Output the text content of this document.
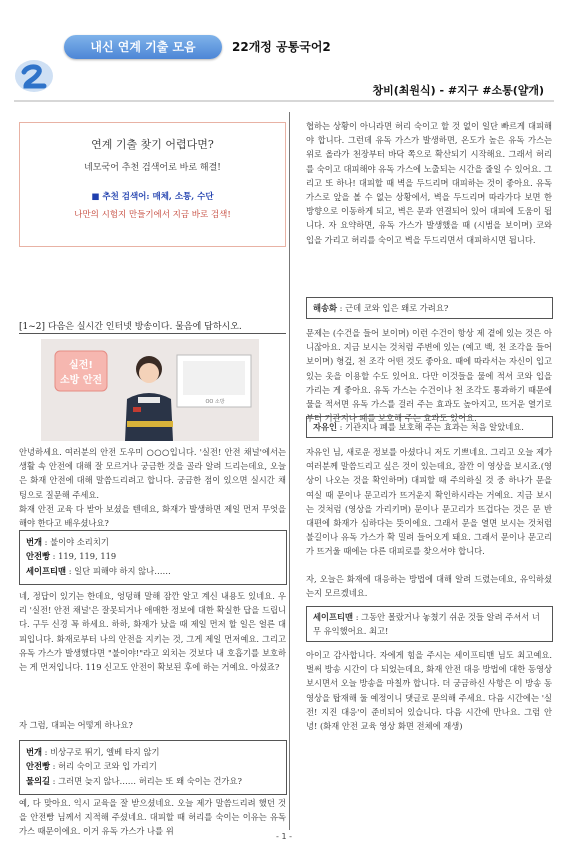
내신 연계 기출 모음	22개정 공통국어2
창비(최원식) - #지구 #소통(얄개)
연계 기출 찾기 어렵다면?
네모국어 추천 검색어로 바로 해결!
■ 추천 검색어: 매체, 소통, 수단
나만의 시험지 만들기에서 지금 바로 검색!
[1~2] 다음은 실시간 인터넷 방송이다. 물음에 답하시오.
실전!
소방 안전
OO 소방
안녕하세요. 여러분의 안전 도우미 ○○○입니다. '실전! 안전 채널'에서는 생활 속 안전에 대해 잘 모르거나 궁금한 것을 골라 알려 드리는데요, 오늘은 화재 안전에 대해 말씀드리려고 합니다. 궁금한 점이 있으면 실시간 채팅으로 질문해 주세요.
화재 안전 교육 다 받아 보셨을 텐데요, 화재가 발생하면 제일 먼저 무엇을 해야 한다고 배우셨나요?
번개 : 불이야 소리치기
안전빵 : 119, 119, 119
세이프티맨 : 일단 피해야 하지 않나……
네, 정답이 있기는 한데요, 엉덩해 말해 잠깐 알고 계신 내용도 있네요. 우리 '실전! 안전 채널'은 잘못되거나 애매한 정보에 대한 확실한 답을 드립니다. 구두 신경 꼭 하세요. 하하, 화재가 났을 때 제일 먼저 할 일은 얼른 대피입니다. 화재로부터 나의 안전을 지키는 것, 그게 제일 먼저예요. 그리고 유독 가스가 발생했다면 "불이야!"라고 외치는 것보다 내 호흡기를 보호하는 게 먼저입니다. 119 신고도 안전이 확보된 후에 하는 거예요. 아셨죠?
자 그럼, 대피는 어떻게 하나요?
번개 : 비상구로 뛰기, 엘베 타지 않기
안전빵 : 허리 숙이고 코와 입 가리기
물의길 : 그러면 늦지 않나…… 허리는 또 왜 숙이는 건가요?
예, 다 맞아요. 익시 교육을 잘 받으셨네요. 오늘 제가 말씀드리려 했던 것을 안전빵 님께서 지적해 주셨네요. 대피할 때 허리를 숙이는 이유는 유독 가스 때문이에요. 이거 유독 가스가 나를 위
협하는 상황이 아니라면 허리 숙이고 할 것 없이 일단 빠르게 대피해야 합니다. 그런데 유독 가스가 발생하면, 온도가 높은 유독 가스는 위로 올라가 천장부터 바닥 쪽으로 확산되기 시작해요. 그래서 허리를 숙이고 대피해야 유독 가스에 노출되는 시간을 줄일 수 있어요. 그리고 또 하나! 대피할 때 벽을 두드리며 대피하는 것이 좋아요. 유독 가스로 앞을 볼 수 없는 상황에서, 벽을 두드리며 따라가다 보면 한 방향으로 이동하게 되고, 벽은 문과 연결되어 있어 대피에 도움이 됩니다. 자 요약하면, 유독 가스가 발생했을 때 (시범을 보이며) 코와 입을 가리고 허리를 숙이고 벽을 두드리면서 대피하시면 됩니다.
해송화 : 근데 코와 입은 왜로 가려요?
문제는 (수건을 들어 보이며) 이런 수건이 항상 제 곁에 있는 것은 아니잖아요. 지금 보시는 것처럼 주변에 있는 (예고 백, 천 조각을 들어 보이며) 형겊, 천 조각 어떤 것도 좋아요. 때에 따라서는 자신이 입고 있는 옷을 이용할 수도 있어요. 다만 이것들을 물에 적셔 코와 입을 가리는 게 좋아요. 유독 가스는 수건이나 천 조각도 통과하기 때문에 물을 적셔면 유독 가스를 걸러 주는 효과도 높아지고, 뜨거운 열기로부터 기관지나 폐를 보호해 주는 효과도 있어요.
자유인 : 기관지나 폐를 보호해 주는 효과는 처음 알았네요.
자유인 님, 새로운 정보를 아셨다니 저도 기쁘네요. 그리고 오늘 제가 여러분께 말씀드리고 싶은 것이 있는데요, 잠깐 이 영상을 보시죠.(영상이 나오는 것을 확인하며) 대피할 때 주의하실 것 중 하나가 문을 여실 때 문이나 문고리가 뜨거운지 확인하시라는 거예요. 지금 보시는 것처럼 (영상을 가리키며) 문이나 문고리가 뜨겁다는 것은 문 반대편에 화재가 심하다는 뜻이에요. 그래서 문을 열면 보시는 것처럼 불길이나 유독 가스가 확 밀려 들어오게 돼요. 그래서 문이나 문고리가 뜨거울 때에는 다른 대피로를 찾으셔야 합니다.
자, 오늘은 화재에 대응하는 방법에 대해 알려 드렸는데요, 유익하셨는지 모르겠네요.
세이프티맨 : 그동안 몰랐거나 놓쳤기 쉬운 것들 알려 주셔서 너무 유익했어요. 최고!
아이고 감사합니다. 자에게 힘을 주시는 세이프티맨 님도 최고예요. 벌써 방송 시간이 다 되었는데요, 화재 안전 대응 방법에 대한 동영상 보시면서 오늘 방송을 마칠까 합니다. 더 궁금하신 사항은 이 방송 동영상을 탑재해 둘 예정이니 댓글로 문의해 주세요. 다음 시간에는 '실전! 지진 대응'이 준비되어 있습니다. 다음 시간에 만나요. 그럼 안녕! (화재 안전 교육 영상 화면 전체에 재생)
- 1 -
